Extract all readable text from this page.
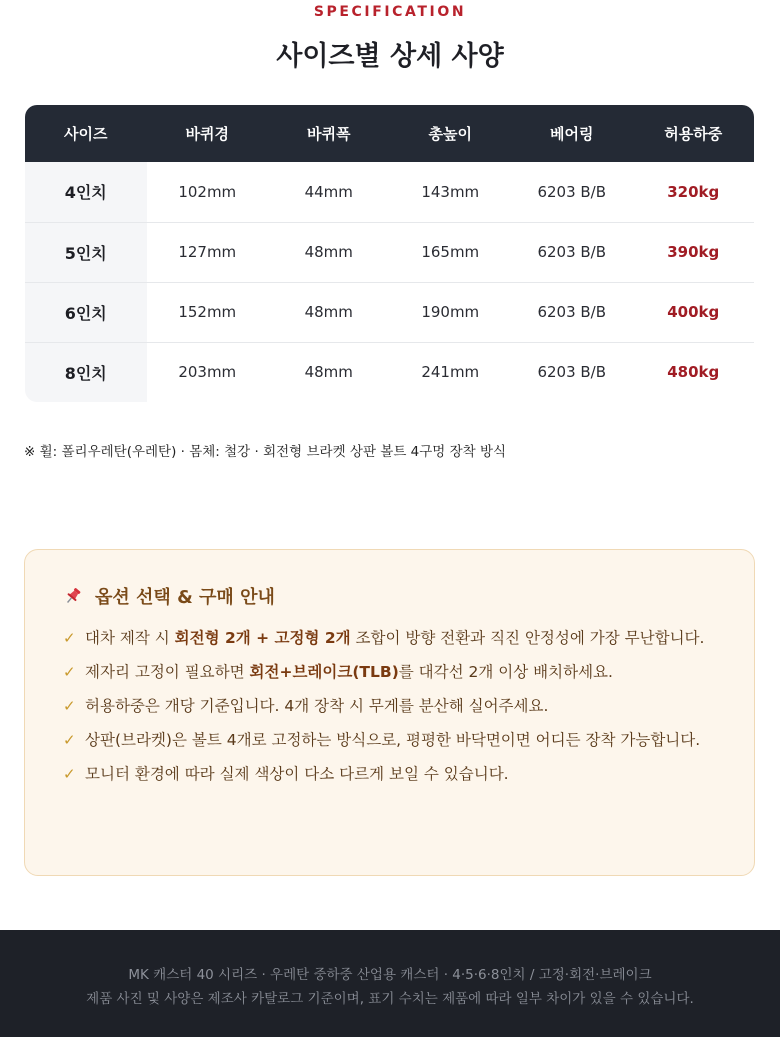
SPECIFICATION
사이즈별 상세 사양
사이즈	바퀴경	바퀴폭	총높이	베어링	허용하중
4인치	102mm	44mm	143mm	6203 B/B	320kg
5인치	127mm	48mm	165mm	6203 B/B	390kg
6인치	152mm	48mm	190mm	6203 B/B	400kg
8인치	203mm	48mm	241mm	6203 B/B	480kg

※ 휠: 폴리우레탄(우레탄) · 몸체: 철강 · 회전형 브라켓 상판 볼트 4구멍 장착 방식

옵션 선택 & 구매 안내
✓ 대차 제작 시 회전형 2개 + 고정형 2개 조합이 방향 전환과 직진 안정성에 가장 무난합니다.
✓ 제자리 고정이 필요하면 회전+브레이크(TLB)를 대각선 2개 이상 배치하세요.
✓ 허용하중은 개당 기준입니다. 4개 장착 시 무게를 분산해 실어주세요.
✓ 상판(브라켓)은 볼트 4개로 고정하는 방식으로, 평평한 바닥면이면 어디든 장착 가능합니다.
✓ 모니터 환경에 따라 실제 색상이 다소 다르게 보일 수 있습니다.

MK 캐스터 40 시리즈 · 우레탄 중하중 산업용 캐스터 · 4·5·6·8인치 / 고정·회전·브레이크

제품 사진 및 사양은 제조사 카탈로그 기준이며, 표기 수치는 제품에 따라 일부 차이가 있을 수 있습니다.
